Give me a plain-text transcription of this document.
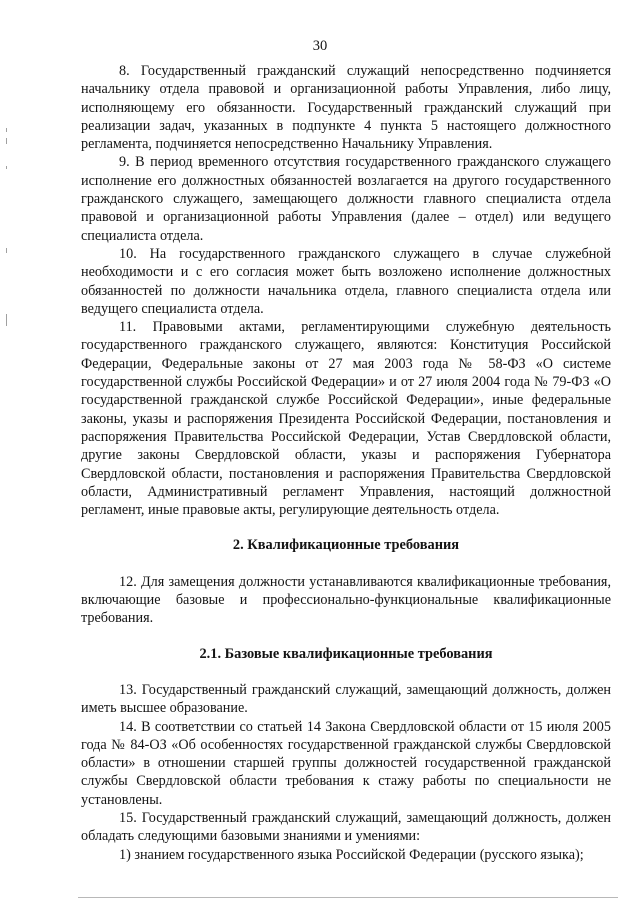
30

8. Государственный гражданский служащий непосредственно подчиняется начальнику отдела правовой и организационной работы Управления, либо лицу, исполняющему его обязанности. Государственный гражданский служащий при реализации задач, указанных в подпункте 4 пункта 5 настоящего должностного регламента, подчиняется непосредственно Начальнику Управления.

9. В период временного отсутствия государственного гражданского служащего исполнение его должностных обязанностей возлагается на другого государственного гражданского служащего, замещающего должности главного специалиста отдела правовой и организационной работы Управления (далее – отдел) или ведущего специалиста отдела.

10. На государственного гражданского служащего в случае служебной необходимости и с его согласия может быть возложено исполнение должностных обязанностей по должности начальника отдела, главного специалиста отдела или ведущего специалиста отдела.

11. Правовыми актами, регламентирующими служебную деятельность государственного гражданского служащего, являются: Конституция Российской Федерации, Федеральные законы от 27 мая 2003 года № 58-ФЗ «О системе государственной службы Российской Федерации» и от 27 июля 2004 года № 79-ФЗ «О государственной гражданской службе Российской Федерации», иные федеральные законы, указы и распоряжения Президента Российской Федерации, постановления и распоряжения Правительства Российской Федерации, Устав Свердловской области, другие законы Свердловской области, указы и распоряжения Губернатора Свердловской области, постановления и распоряжения Правительства Свердловской области, Административный регламент Управления, настоящий должностной регламент, иные правовые акты, регулирующие деятельность отдела.

2. Квалификационные требования

12. Для замещения должности устанавливаются квалификационные требования, включающие базовые и профессионально-функциональные квалификационные требования.

2.1. Базовые квалификационные требования

13. Государственный гражданский служащий, замещающий должность, должен иметь высшее образование.

14. В соответствии со статьей 14 Закона Свердловской области от 15 июля 2005 года № 84-ОЗ «Об особенностях государственной гражданской службы Свердловской области» в отношении старшей группы должностей государственной гражданской службы Свердловской области требования к стажу работы по специальности не установлены.

15. Государственный гражданский служащий, замещающий должность, должен обладать следующими базовыми знаниями и умениями:

1) знанием государственного языка Российской Федерации (русского языка);
